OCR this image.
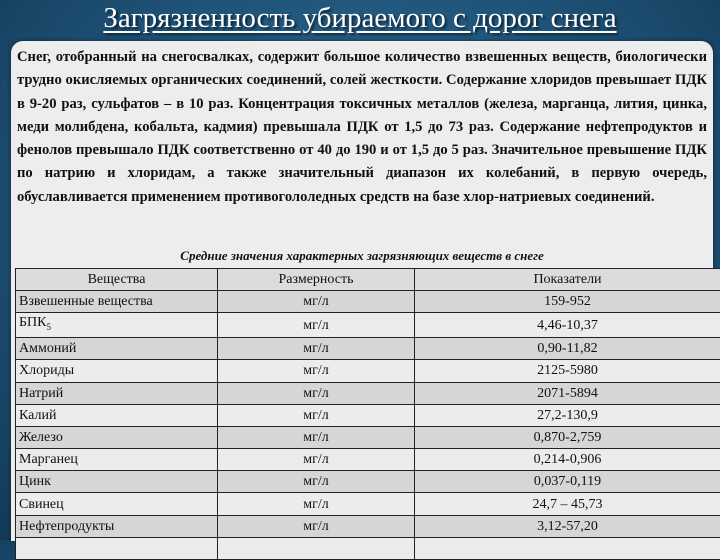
Загрязненность убираемого с дорог снега
Снег, отобранный на снегосвалках, содержит большое количество взвешенных веществ, биологически трудно окисляемых органических соединений, солей жесткости. Содержание хлоридов превышает ПДК в 9-20 раз, сульфатов – в 10 раз. Концентрация токсичных металлов (железа, марганца, лития, цинка, меди молибдена, кобальта, кадмия) превышала ПДК от 1,5 до 73 раз. Содержание нефтепродуктов и фенолов превышало ПДК соответственно от 40 до 190 и от 1,5 до 5 раз. Значительное превышение ПДК по натрию и хлоридам, а также значительный диапазон их колебаний, в первую очередь, обуславливается применением противогололедных средств на базе хлор-натриевых соединений.
Средние значения характерных загрязняющих веществ в снеге
Вещества	Размерность	Показатели
Взвешенные вещества	мг/л	159-952
$БПК_5$	мг/л	4,46-10,37
Аммоний	мг/л	0,90-11,82
Хлориды	мг/л	2125-5980
Натрий	мг/л	2071-5894
Калий	мг/л	27,2-130,9
Железо	мг/л	0,870-2,759
Марганец	мг/л	0,214-0,906
Цинк	мг/л	0,037-0,119
Свинец	мг/л	24,7 – 45,73
Нефтепродукты	мг/л	3,12-57,20
